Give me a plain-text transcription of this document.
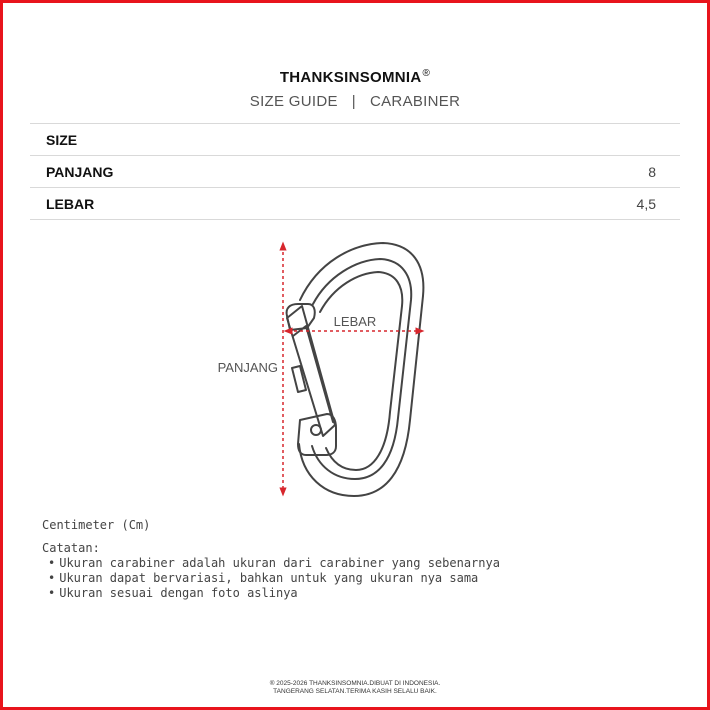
THANKSINSOMNIA®
SIZE GUIDE | CARABINER
SIZE	
PANJANG	8
LEBAR	4,5
LEBAR
PANJANG
Centimeter (Cm)
Catatan:
• Ukuran carabiner adalah ukuran dari carabiner yang sebenarnya
• Ukuran dapat bervariasi, bahkan untuk yang ukuran nya sama
• Ukuran sesuai dengan foto aslinya
® 2025-2026 THANKSINSOMNIA.DIBUAT DI INDONESIA.
TANGERANG SELATAN.TERIMA KASIH SELALU BAIK.
